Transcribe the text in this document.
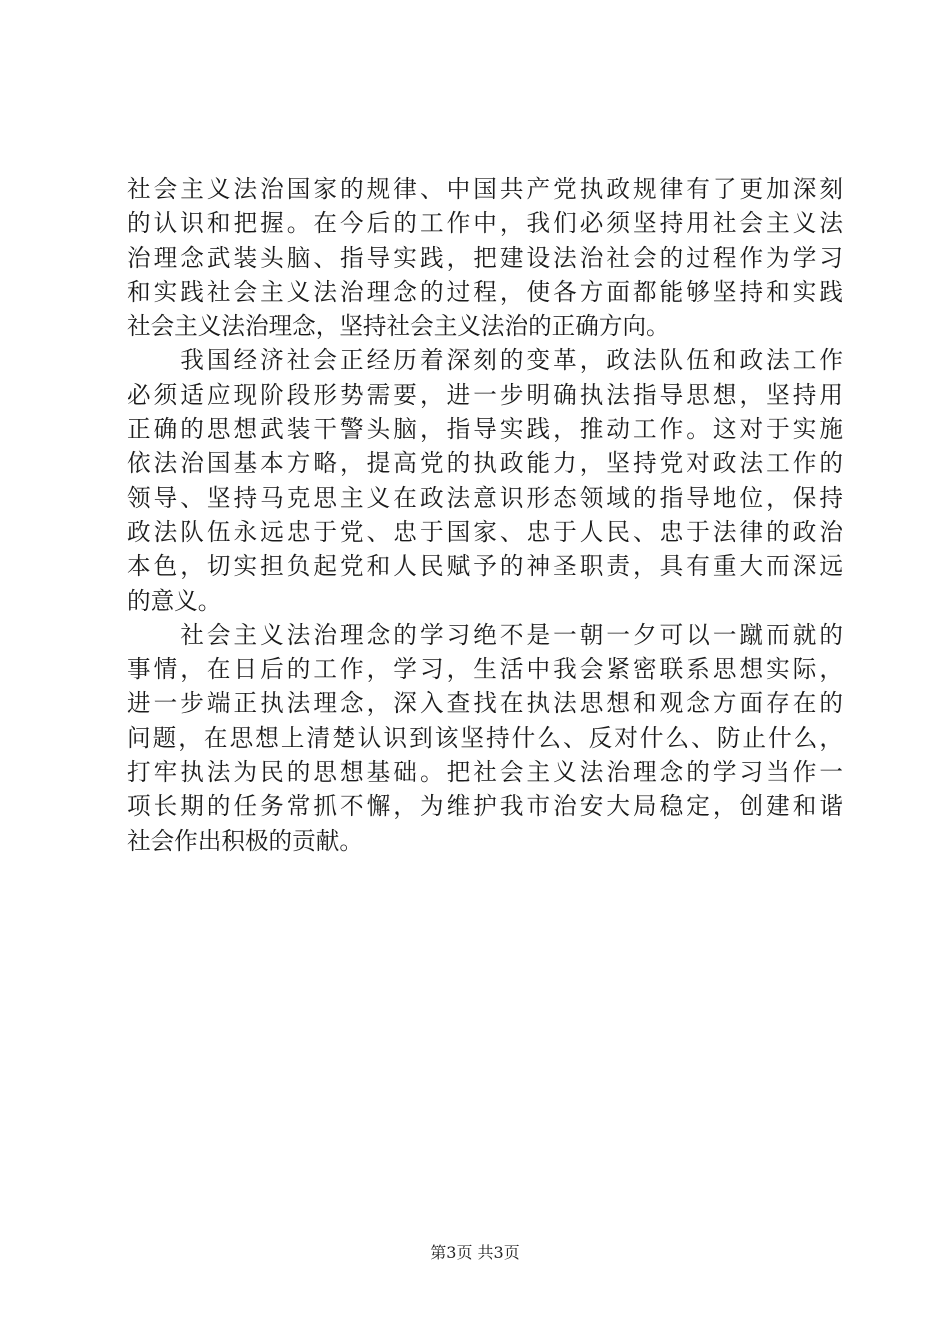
社会主义法治国家的规律、中国共产党执政规律有了更加深刻
的认识和把握。在今后的工作中，我们必须坚持用社会主义法
治理念武装头脑、指导实践，把建设法治社会的过程作为学习
和实践社会主义法治理念的过程，使各方面都能够坚持和实践
社会主义法治理念，坚持社会主义法治的正确方向。
　　我国经济社会正经历着深刻的变革，政法队伍和政法工作
必须适应现阶段形势需要，进一步明确执法指导思想，坚持用
正确的思想武装干警头脑，指导实践，推动工作。这对于实施
依法治国基本方略，提高党的执政能力，坚持党对政法工作的
领导、坚持马克思主义在政法意识形态领域的指导地位，保持
政法队伍永远忠于党、忠于国家、忠于人民、忠于法律的政治
本色，切实担负起党和人民赋予的神圣职责，具有重大而深远
的意义。
　　社会主义法治理念的学习绝不是一朝一夕可以一蹴而就的
事情，在日后的工作，学习，生活中我会紧密联系思想实际，
进一步端正执法理念，深入查找在执法思想和观念方面存在的
问题，在思想上清楚认识到该坚持什么、反对什么、防止什么，
打牢执法为民的思想基础。把社会主义法治理念的学习当作一
项长期的任务常抓不懈，为维护我市治安大局稳定，创建和谐
社会作出积极的贡献。
第3页 共3页
